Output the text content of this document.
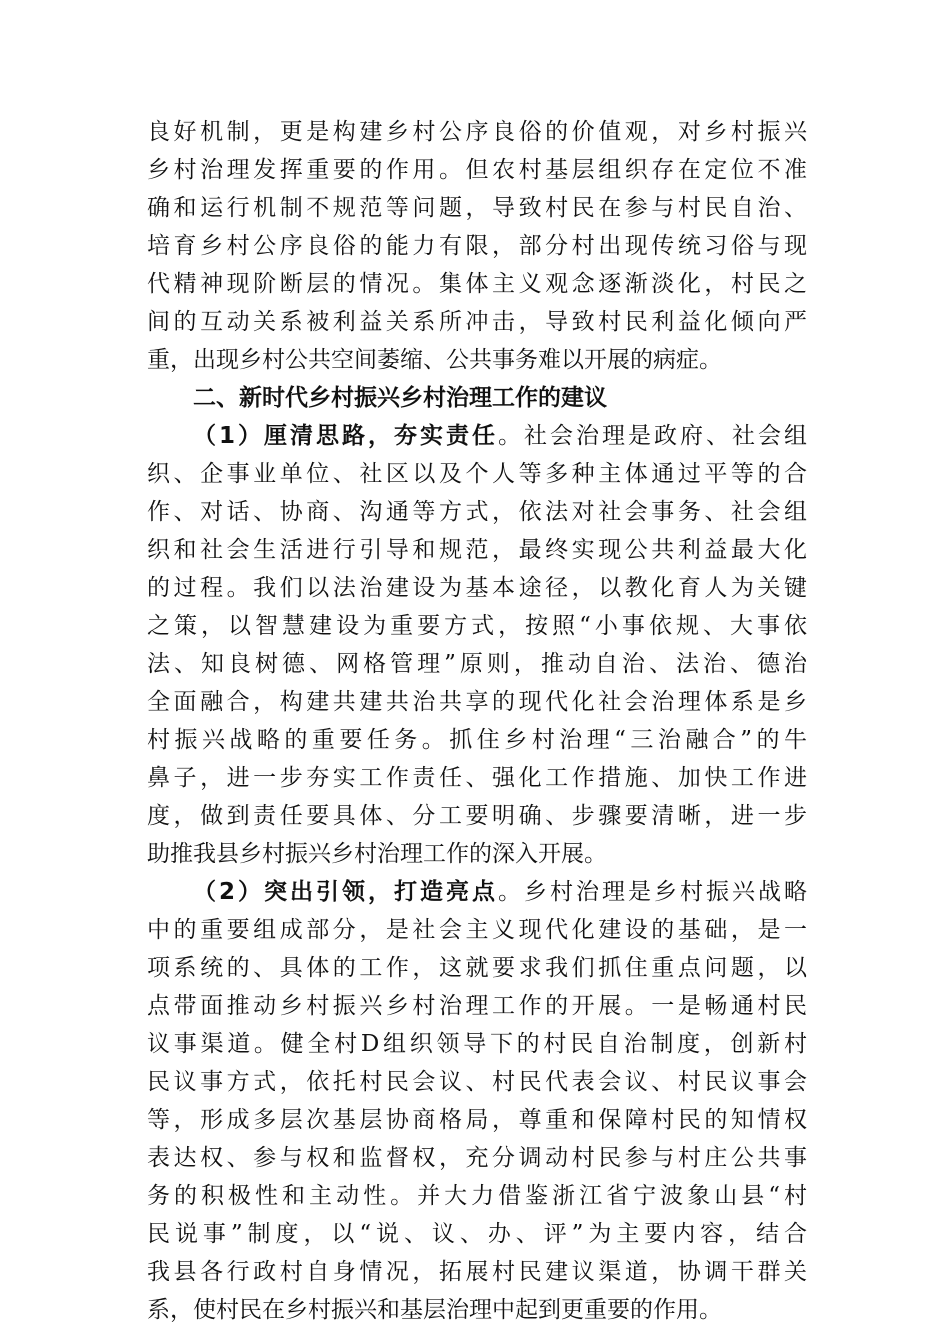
良好机制，更是构建乡村公序良俗的价值观，对乡村振兴
乡村治理发挥重要的作用。但农村基层组织存在定位不准
确和运行机制不规范等问题，导致村民在参与村民自治、
培育乡村公序良俗的能力有限，部分村出现传统习俗与现
代精神现阶断层的情况。集体主义观念逐渐淡化，村民之
间的互动关系被利益关系所冲击，导致村民利益化倾向严
重，出现乡村公共空间萎缩、公共事务难以开展的病症。
二、新时代乡村振兴乡村治理工作的建议
（1）厘清思路，夯实责任。社会治理是政府、社会组
织、企事业单位、社区以及个人等多种主体通过平等的合
作、对话、协商、沟通等方式，依法对社会事务、社会组
织和社会生活进行引导和规范，最终实现公共利益最大化
的过程。我们以法治建设为基本途径，以教化育人为关键
之策，以智慧建设为重要方式，按照“小事依规、大事依
法、知良树德、网格管理”原则，推动自治、法治、德治
全面融合，构建共建共治共享的现代化社会治理体系是乡
村振兴战略的重要任务。抓住乡村治理“三治融合”的牛
鼻子，进一步夯实工作责任、强化工作措施、加快工作进
度，做到责任要具体、分工要明确、步骤要清晰，进一步
助推我县乡村振兴乡村治理工作的深入开展。
（2）突出引领，打造亮点。乡村治理是乡村振兴战略
中的重要组成部分，是社会主义现代化建设的基础，是一
项系统的、具体的工作，这就要求我们抓住重点问题，以
点带面推动乡村振兴乡村治理工作的开展。一是畅通村民
议事渠道。健全村D组织领导下的村民自治制度，创新村
民议事方式，依托村民会议、村民代表会议、村民议事会
等，形成多层次基层协商格局，尊重和保障村民的知情权
表达权、参与权和监督权，充分调动村民参与村庄公共事
务的积极性和主动性。并大力借鉴浙江省宁波象山县“村
民说事”制度，以“说、议、办、评”为主要内容，结合
我县各行政村自身情况，拓展村民建议渠道，协调干群关
系，使村民在乡村振兴和基层治理中起到更重要的作用。
